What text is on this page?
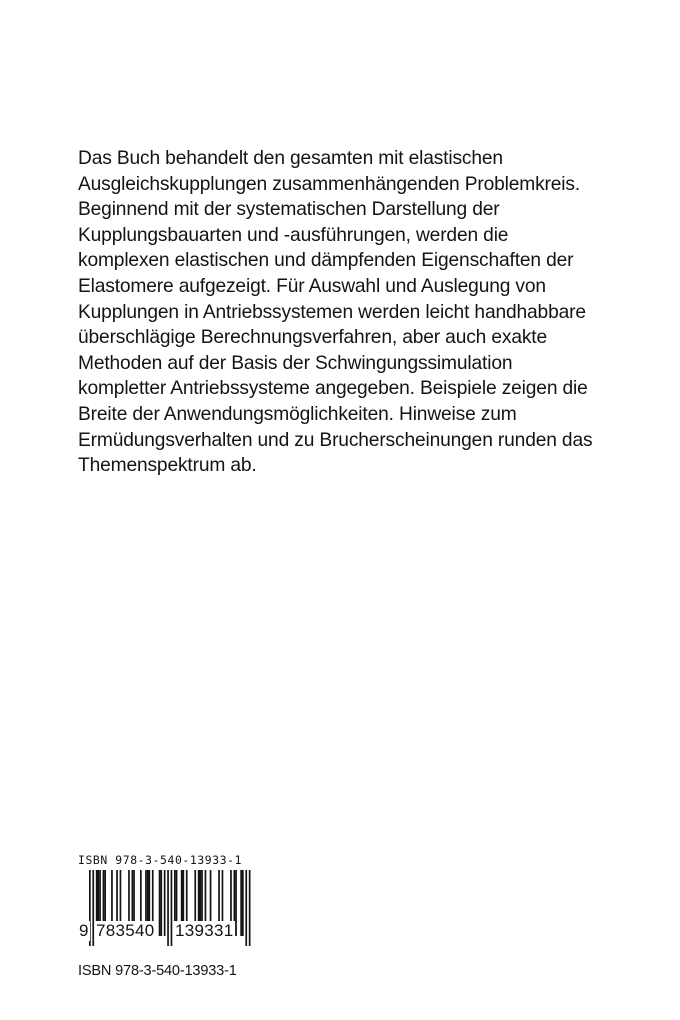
Das Buch behandelt den gesamten mit elastischen
Ausgleichskupplungen zusammenhängenden Problemkreis.
Beginnend mit der systematischen Darstellung der
Kupplungsbauarten und -ausführungen, werden die
komplexen elastischen und dämpfenden Eigenschaften der
Elastomere aufgezeigt. Für Auswahl und Auslegung von
Kupplungen in Antriebssystemen werden leicht handhabbare
überschlägige Berechnungsverfahren, aber auch exakte
Methoden auf der Basis der Schwingungssimulation
kompletter Antriebssysteme angegeben. Beispiele zeigen die
Breite der Anwendungsmöglichkeiten. Hinweise zum
Ermüdungsverhalten und zu Brucherscheinungen runden das
Themenspektrum ab.

ISBN 978-3-540-13933-1

9 783540 139331

ISBN 978-3-540-13933-1
